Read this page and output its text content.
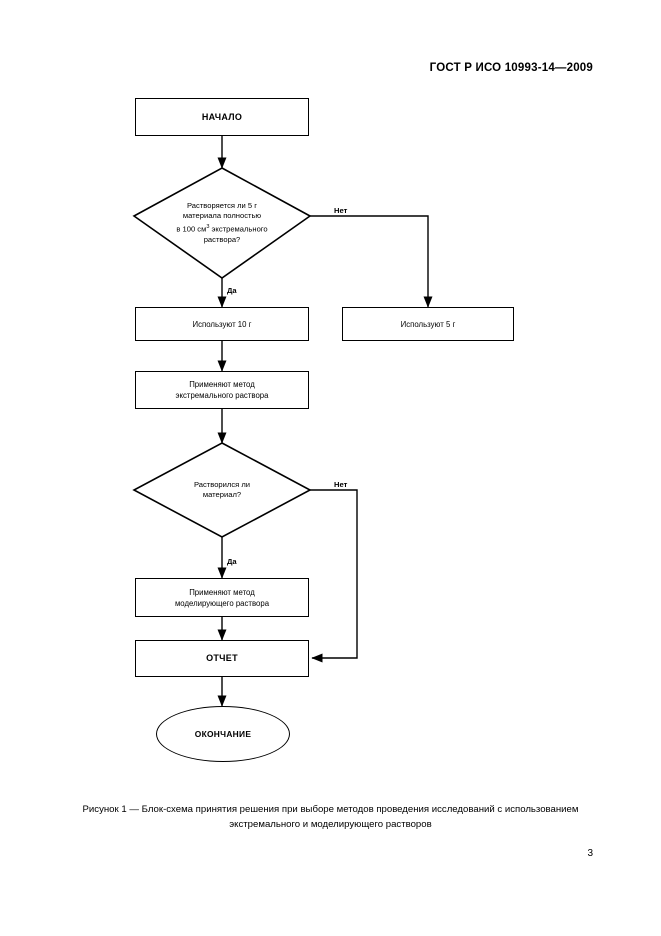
ГОСТ Р ИСО 10993-14—2009
НАЧАЛО
Растворяется ли 5 г
материала полностью
в 100 $см^3$ экстремального
раствора?
Нет
Да
Используют 10 г	Используют 5 г
Применяют метод
экстремального раствора
Растворился ли
материал?
Нет
Да
Применяют метод
моделирующего раствора
ОТЧЕТ
ОКОНЧАНИЕ
Рисунок 1 — Блок-схема принятия решения при выборе методов проведения исследований с использованием
экстремального и моделирующего растворов
3
